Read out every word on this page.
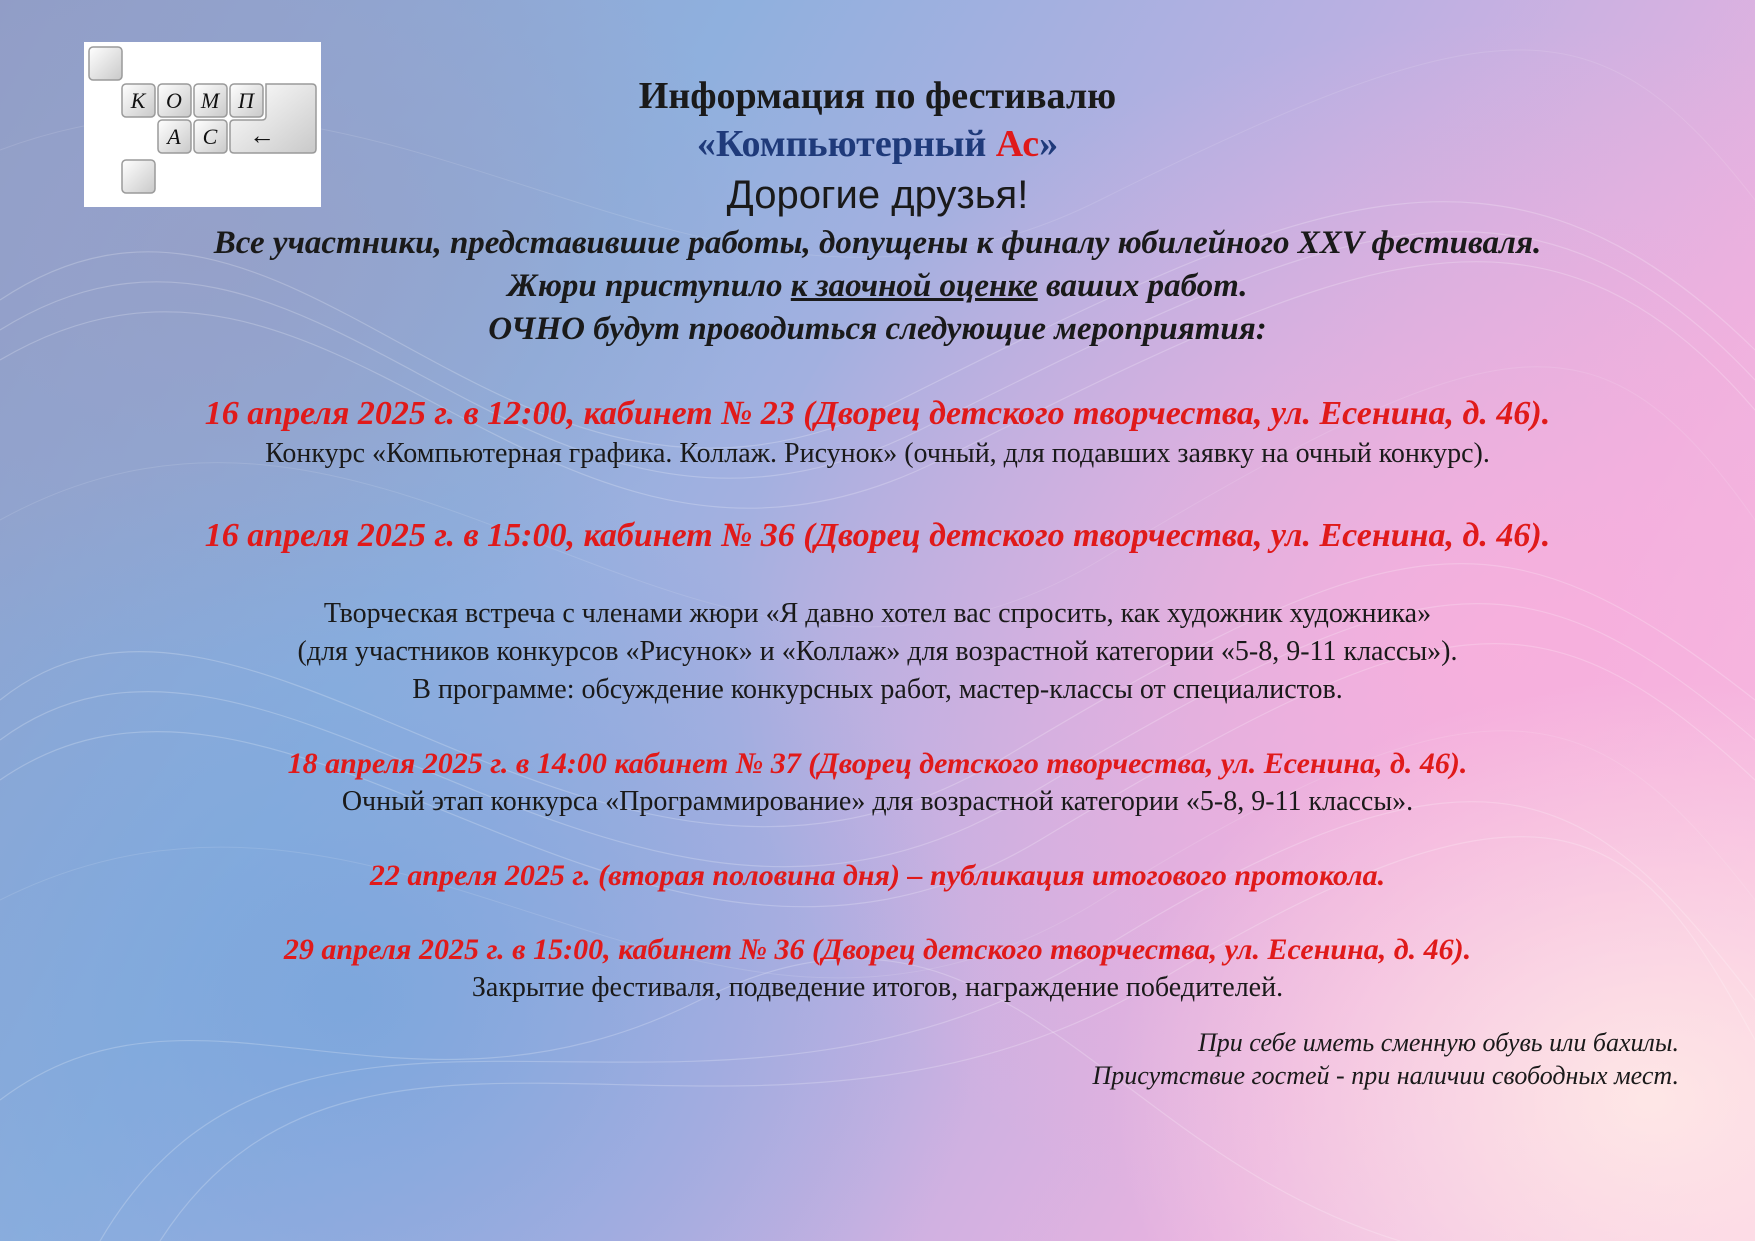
К О М П
А С ←
Информация по фестивалю
«Компьютерный Ас»
Дорогие друзья!
Все участники, представившие работы, допущены к финалу юбилейного XXV фестиваля.
Жюри приступило к заочной оценке ваших работ.
ОЧНО будут проводиться следующие мероприятия:
16 апреля 2025 г. в 12:00, кабинет № 23 (Дворец детского творчества, ул. Есенина, д. 46).
Конкурс «Компьютерная графика. Коллаж. Рисунок» (очный, для подавших заявку на очный конкурс).
16 апреля 2025 г. в 15:00, кабинет № 36 (Дворец детского творчества, ул. Есенина, д. 46).
Творческая встреча с членами жюри «Я давно хотел вас спросить, как художник художника»
(для участников конкурсов «Рисунок» и «Коллаж» для возрастной категории «5-8, 9-11 классы»).
В программе: обсуждение конкурсных работ, мастер-классы от специалистов.
18 апреля 2025 г. в 14:00 кабинет № 37 (Дворец детского творчества, ул. Есенина, д. 46).
Очный этап конкурса «Программирование» для возрастной категории «5-8, 9-11 классы».
22 апреля 2025 г. (вторая половина дня) – публикация итогового протокола.
29 апреля 2025 г. в 15:00, кабинет № 36 (Дворец детского творчества, ул. Есенина, д. 46).
Закрытие фестиваля, подведение итогов, награждение победителей.
При себе иметь сменную обувь или бахилы.
Присутствие гостей - при наличии свободных мест.
